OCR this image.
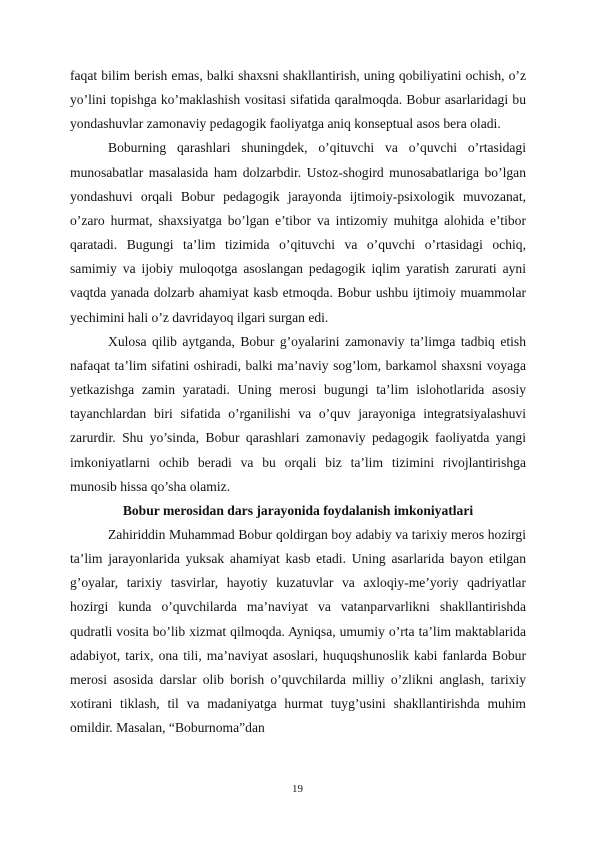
faqat bilim berish emas, balki shaxsni shakllantirish, uning qobiliyatini ochish, o’z yo’lini topishga ko’maklashish vositasi sifatida qaralmoqda. Bobur asarlaridagi bu yondashuvlar zamonaviy pedagogik faoliyatga aniq konseptual asos bera oladi.

Boburning qarashlari shuningdek, o’qituvchi va o’quvchi o’rtasidagi munosabatlar masalasida ham dolzarbdir. Ustoz-shogird munosabatlariga bo’lgan yondashuvi orqali Bobur pedagogik jarayonda ijtimoiy-psixologik muvozanat, o’zaro hurmat, shaxsiyatga bo’lgan e’tibor va intizomiy muhitga alohida e’tibor qaratadi. Bugungi ta’lim tizimida o’qituvchi va o’quvchi o’rtasidagi ochiq, samimiy va ijobiy muloqotga asoslangan pedagogik iqlim yaratish zarurati ayni vaqtda yanada dolzarb ahamiyat kasb etmoqda. Bobur ushbu ijtimoiy muammolar yechimini hali o’z davridayoq ilgari surgan edi.

Xulosa qilib aytganda, Bobur g’oyalarini zamonaviy ta’limga tadbiq etish nafaqat ta’lim sifatini oshiradi, balki ma’naviy sog’lom, barkamol shaxsni voyaga yetkazishga zamin yaratadi. Uning merosi bugungi ta’lim islohotlarida asosiy tayanchlardan biri sifatida o’rganilishi va o’quv jarayoniga integratsiyalashuvi zarurdir. Shu yo’sinda, Bobur qarashlari zamonaviy pedagogik faoliyatda yangi imkoniyatlarni ochib beradi va bu orqali biz ta’lim tizimini rivojlantirishga munosib hissa qo’sha olamiz.

Bobur merosidan dars jarayonida foydalanish imkoniyatlari

Zahiriddin Muhammad Bobur qoldirgan boy adabiy va tarixiy meros hozirgi ta’lim jarayonlarida yuksak ahamiyat kasb etadi. Uning asarlarida bayon etilgan g’oyalar, tarixiy tasvirlar, hayotiy kuzatuvlar va axloqiy-me’yoriy qadriyatlar hozirgi kunda o’quvchilarda ma’naviyat va vatanparvarlikni shakllantirishda qudratli vosita bo’lib xizmat qilmoqda. Ayniqsa, umumiy o’rta ta’lim maktablarida adabiyot, tarix, ona tili, ma’naviyat asoslari, huquqshunoslik kabi fanlarda Bobur merosi asosida darslar olib borish o’quvchilarda milliy o’zlikni anglash, tarixiy xotirani tiklash, til va madaniyatga hurmat tuyg’usini shakllantirishda muhim omildir. Masalan, “Boburnoma”dan

19
